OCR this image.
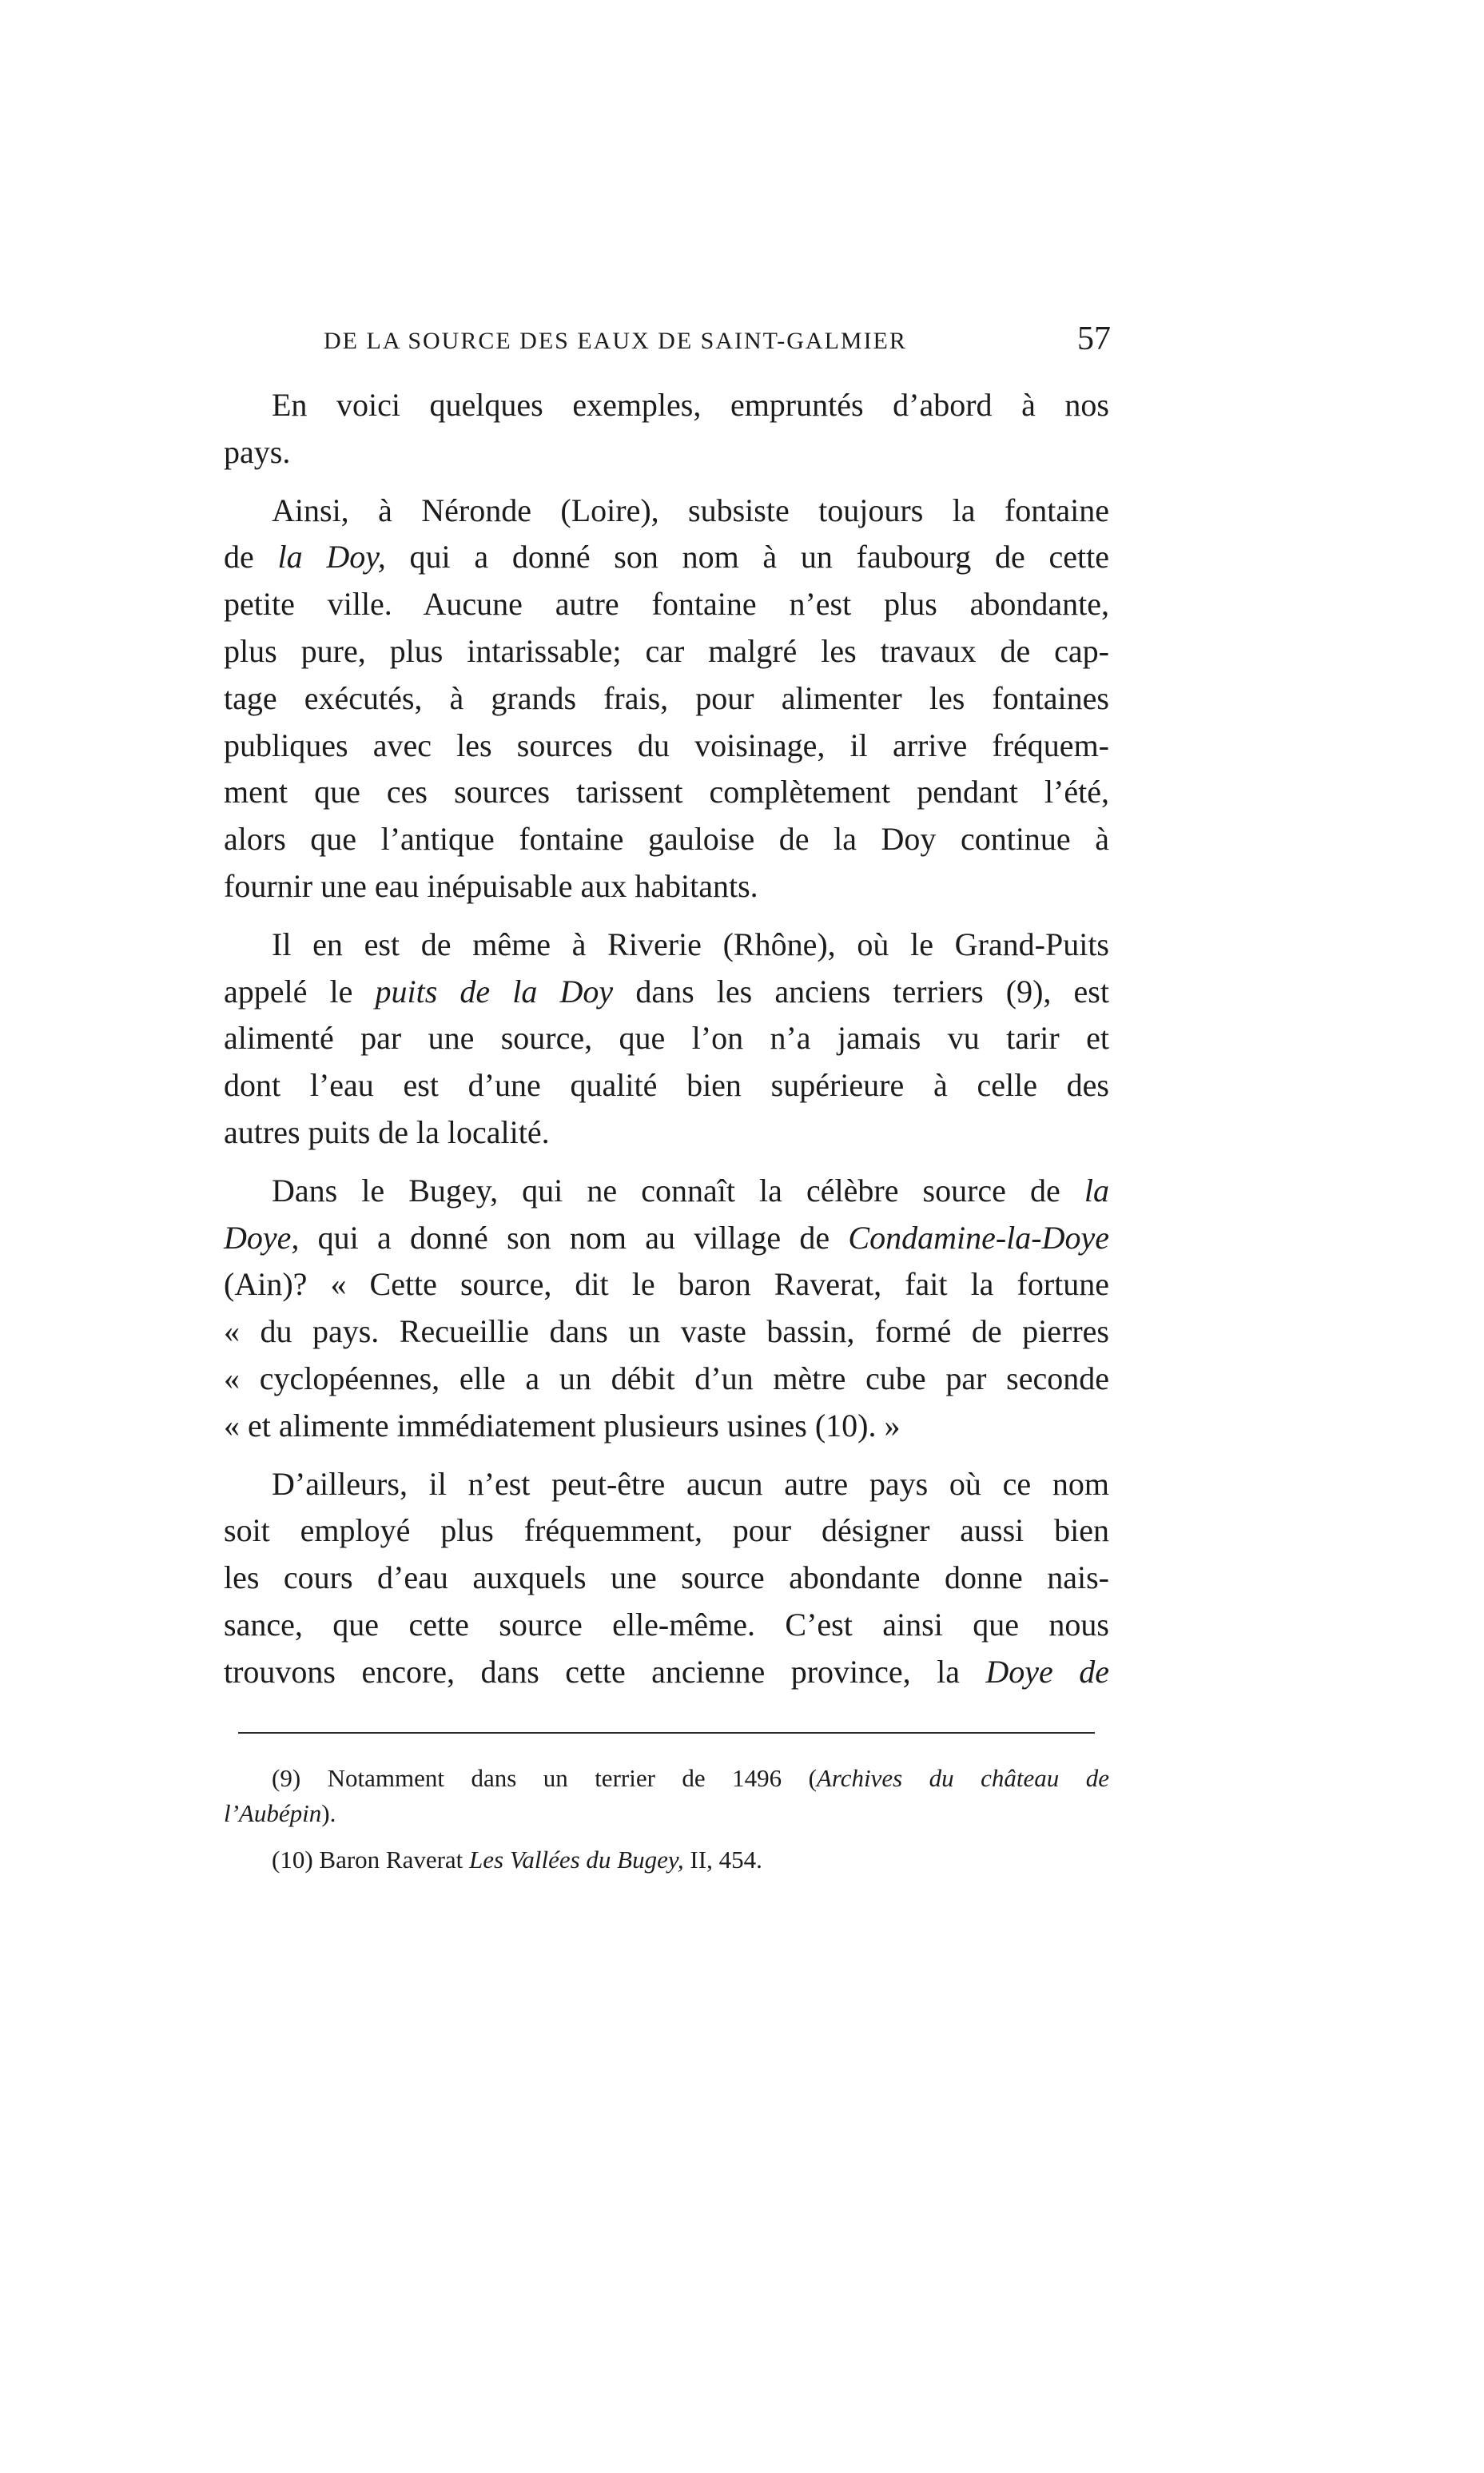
DE LA SOURCE DES EAUX DE SAINT-GALMIER	57
En voici quelques exemples, empruntés d’abord à nos
pays.
Ainsi, à Néronde (Loire), subsiste toujours la fontaine
de la Doy, qui a donné son nom à un faubourg de cette
petite ville. Aucune autre fontaine n’est plus abondante,
plus pure, plus intarissable; car malgré les travaux de cap-
tage exécutés, à grands frais, pour alimenter les fontaines
publiques avec les sources du voisinage, il arrive fréquem-
ment que ces sources tarissent complètement pendant l’été,
alors que l’antique fontaine gauloise de la Doy continue à
fournir une eau inépuisable aux habitants.
Il en est de même à Riverie (Rhône), où le Grand-Puits
appelé le puits de la Doy dans les anciens terriers (9), est
alimenté par une source, que l’on n’a jamais vu tarir et
dont l’eau est d’une qualité bien supérieure à celle des
autres puits de la localité.
Dans le Bugey, qui ne connaît la célèbre source de la
Doye, qui a donné son nom au village de Condamine-la-Doye
(Ain)? « Cette source, dit le baron Raverat, fait la fortune
« du pays. Recueillie dans un vaste bassin, formé de pierres
« cyclopéennes, elle a un débit d’un mètre cube par seconde
« et alimente immédiatement plusieurs usines (10). »
D’ailleurs, il n’est peut-être aucun autre pays où ce nom
soit employé plus fréquemment, pour désigner aussi bien
les cours d’eau auxquels une source abondante donne nais-
sance, que cette source elle-même. C’est ainsi que nous
trouvons encore, dans cette ancienne province, la Doye de
(9) Notamment dans un terrier de 1496 (Archives du château de
l’Aubépin).
(10) Baron Raverat Les Vallées du Bugey, II, 454.
